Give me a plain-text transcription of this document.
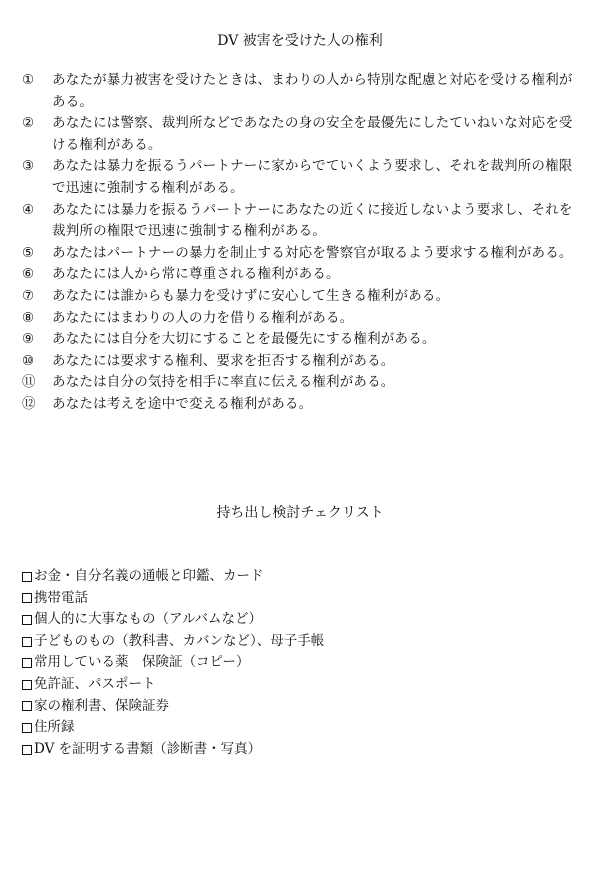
DV 被害を受けた人の権利
①	あなたが暴力被害を受けたときは、まわりの人から特別な配慮と対応を受ける権利がある。
②	あなたには警察、裁判所などであなたの身の安全を最優先にしたていねいな対応を受ける権利がある。
③	あなたは暴力を振るうパートナーに家からでていくよう要求し、それを裁判所の権限で迅速に強制する権利がある。
④	あなたには暴力を振るうパートナーにあなたの近くに接近しないよう要求し、それを裁判所の権限で迅速に強制する権利がある。
⑤	あなたはパートナーの暴力を制止する対応を警察官が取るよう要求する権利がある。
⑥	あなたには人から常に尊重される権利がある。
⑦	あなたには誰からも暴力を受けずに安心して生きる権利がある。
⑧	あなたにはまわりの人の力を借りる権利がある。
⑨	あなたには自分を大切にすることを最優先にする権利がある。
⑩	あなたには要求する権利、要求を拒否する権利がある。
⑪	あなたは自分の気持を相手に率直に伝える権利がある。
⑫	あなたは考えを途中で変える権利がある。
持ち出し検討チェクリスト
お金・自分名義の通帳と印鑑、カード
携帯電話
個人的に大事なもの（アルバムなど）
子どものもの（教科書、カバンなど）、母子手帳
常用している薬　保険証（コピー）
免許証、パスポート
家の権利書、保険証券
住所録
DV を証明する書類（診断書・写真）
